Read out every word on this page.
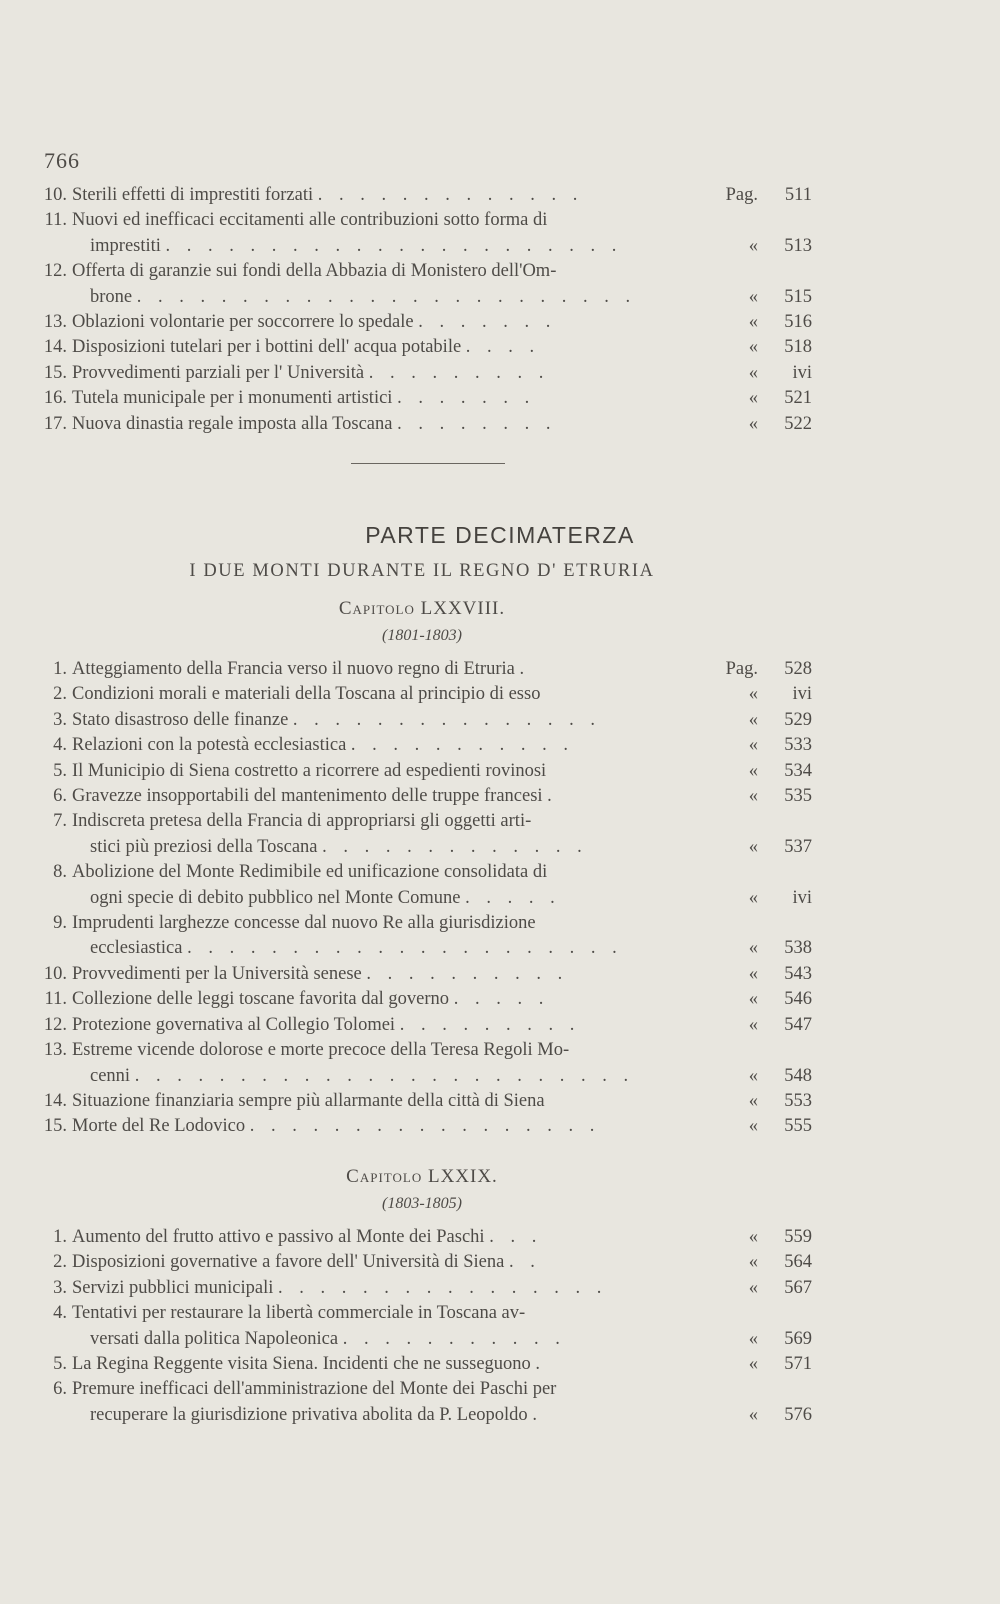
766
10. Sterili effetti di imprestiti forzati . . . . . . . . . . . . .	Pag.	511
11. Nuovi ed inefficaci eccitamenti alle contribuzioni sotto forma di
imprestiti . . . . . . . . . . . . . . . . . . . . . .	«	513
12. Offerta di garanzie sui fondi della Abbazia di Monistero dell'Om-
brone . . . . . . . . . . . . . . . . . . . . . . . .	«	515
13. Oblazioni volontarie per soccorrere lo spedale . . . . . . .	«	516
14. Disposizioni tutelari per i bottini dell' acqua potabile . . . .	«	518
15. Provvedimenti parziali per l' Università . . . . . . . . .	«	ivi
16. Tutela municipale per i monumenti artistici . . . . . . .	«	521
17. Nuova dinastia regale imposta alla Toscana . . . . . . . .	«	522
PARTE DECIMATERZA
I DUE MONTI DURANTE IL REGNO D' ETRURIA
Capitolo LXXVIII.
(1801-1803)
1. Atteggiamento della Francia verso il nuovo regno di Etruria .	Pag.	528
2. Condizioni morali e materiali della Toscana al principio di esso	«	ivi
3. Stato disastroso delle finanze . . . . . . . . . . . . . . .	«	529
4. Relazioni con la potestà ecclesiastica . . . . . . . . . . .	«	533
5. Il Municipio di Siena costretto a ricorrere ad espedienti rovinosi	«	534
6. Gravezze insopportabili del mantenimento delle truppe francesi .	«	535
7. Indiscreta pretesa della Francia di appropriarsi gli oggetti arti-
stici più preziosi della Toscana . . . . . . . . . . . . .	«	537
8. Abolizione del Monte Redimibile ed unificazione consolidata di
ogni specie di debito pubblico nel Monte Comune . . . . .	«	ivi
9. Imprudenti larghezze concesse dal nuovo Re alla giurisdizione
ecclesiastica . . . . . . . . . . . . . . . . . . . . .	«	538
10. Provvedimenti per la Università senese . . . . . . . . . .	«	543
11. Collezione delle leggi toscane favorita dal governo . . . . .	«	546
12. Protezione governativa al Collegio Tolomei . . . . . . . . .	«	547
13. Estreme vicende dolorose e morte precoce della Teresa Regoli Mo-
cenni . . . . . . . . . . . . . . . . . . . . . . . .	«	548
14. Situazione finanziaria sempre più allarmante della città di Siena	«	553
15. Morte del Re Lodovico . . . . . . . . . . . . . . . . .	«	555
Capitolo LXXIX.
(1803-1805)
1. Aumento del frutto attivo e passivo al Monte dei Paschi . . .	«	559
2. Disposizioni governative a favore dell' Università di Siena . .	«	564
3. Servizi pubblici municipali . . . . . . . . . . . . . . . .	«	567
4. Tentativi per restaurare la libertà commerciale in Toscana av-
versati dalla politica Napoleonica . . . . . . . . . . .	«	569
5. La Regina Reggente visita Siena. Incidenti che ne susseguono .	«	571
6. Premure inefficaci dell'amministrazione del Monte dei Paschi per
recuperare la giurisdizione privativa abolita da P. Leopoldo .	«	576
